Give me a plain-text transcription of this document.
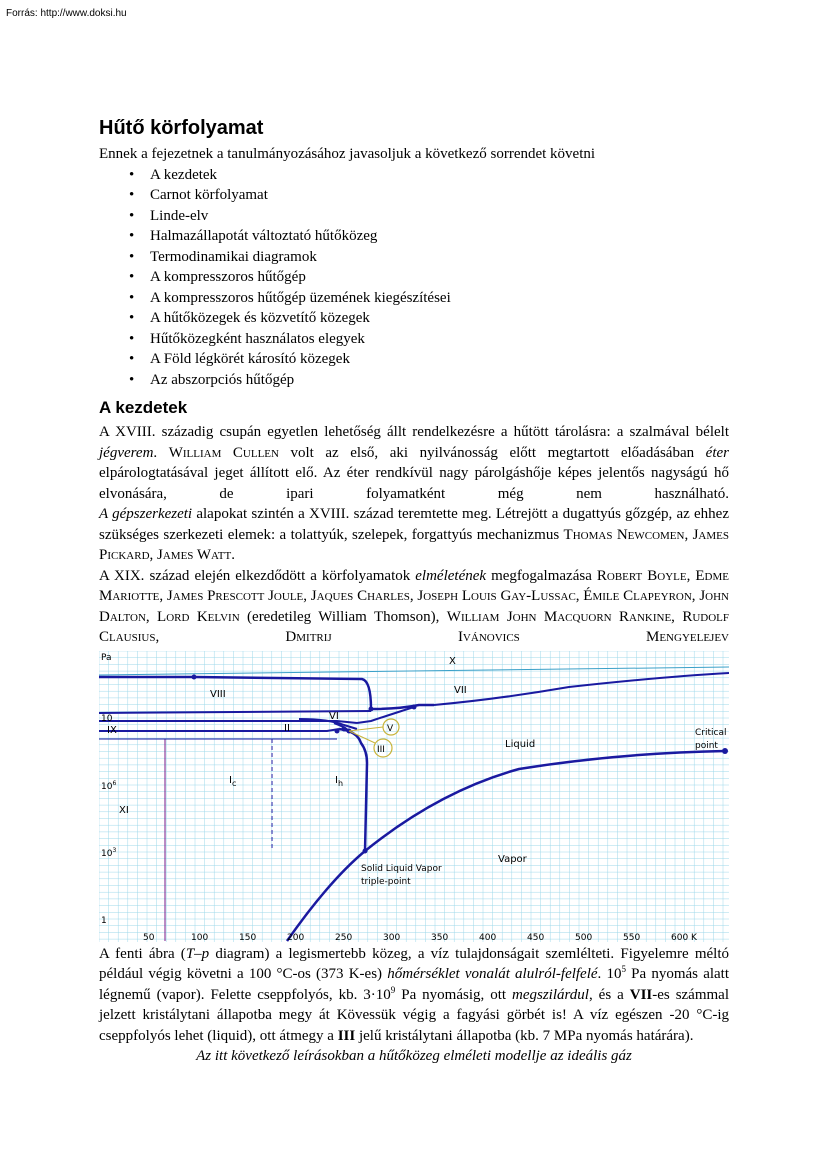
Forrás: http://www.doksi.hu
Hűtő körfolyamat

Ennek a fejezetnek a tanulmányozásához javasoljuk a következő sorrendet követni

• A kezdetek
• Carnot körfolyamat
• Linde-elv
• Halmazállapotát változtató hűtőközeg
• Termodinamikai diagramok
• A kompresszoros hűtőgép
• A kompresszoros hűtőgép üzemének kiegészítései
• A hűtőközegek és közvetítő közegek
• Hűtőközegként használatos elegyek
• A Föld légkörét károsító közegek
• Az abszorpciós hűtőgép
A kezdetek

A XVIII. századig csupán egyetlen lehetőség állt rendelkezésre a hűtött tárolásra: a szalmával bélelt jégverem. William Cullen volt az első, aki nyilvánosság előtt megtartott előadásában éter elpárologtatásával jeget állított elő. Az éter rendkívül nagy párolgáshője képes jelentős nagyságú hő elvonására, de ipari folyamatként még nem használható.

A gépszerkezeti alapokat szintén a XVIII. század teremtette meg. Létrejött a dugattyús gőzgép, az ehhez szükséges szerkezeti elemek: a tolattyúk, szelepek, forgattyús mechanizmus Thomas Newcomen, James Pickard, James Watt.

A XIX. század elején elkezdődött a körfolyamatok elméletének megfogalmazása Robert Boyle, Edme Mariotte, James Prescott Joule, Jaques Charles, Joseph Louis Gay-Lussac, Émile Clapeyron, John Dalton, Lord Kelvin (eredetileg William Thomson), William John Macquorn Rankine, Rudolf Clausius, Dmitrij Ivánovics Mengyelejev

Pa
1
$10^3$
$10^6$
10
50	100	150	200	250	300	350	400	450	500	550	600 K
X
VIII	VII
VI
IX	II	V
III
$I_c$	$I_h$
XI
Liquid
Vapor
Critical
point
Solid Liquid Vapor
triple-point

A fenti ábra (T–p diagram) a legismertebb közeg, a víz tulajdonságait szemlélteti. Figyelemre méltó például végig követni a 100 °C-os (373 K-es) hőmérséklet vonalát alulról-felfelé. $10^5$ Pa nyomás alatt légnemű (vapor). Felette cseppfolyós, kb. $3\cdot 10^9$ Pa nyomásig, ott megszilárdul, és a VII-es számmal jelzett kristálytani állapotba megy át Kövessük végig a fagyási görbét is! A víz egészen -20 °C-ig cseppfolyós lehet (liquid), ott átmegy a III jelű kristálytani állapotba (kb. 7 MPa nyomás határára).

Az itt következő leírásokban a hűtőközeg elméleti modellje az ideális gáz
